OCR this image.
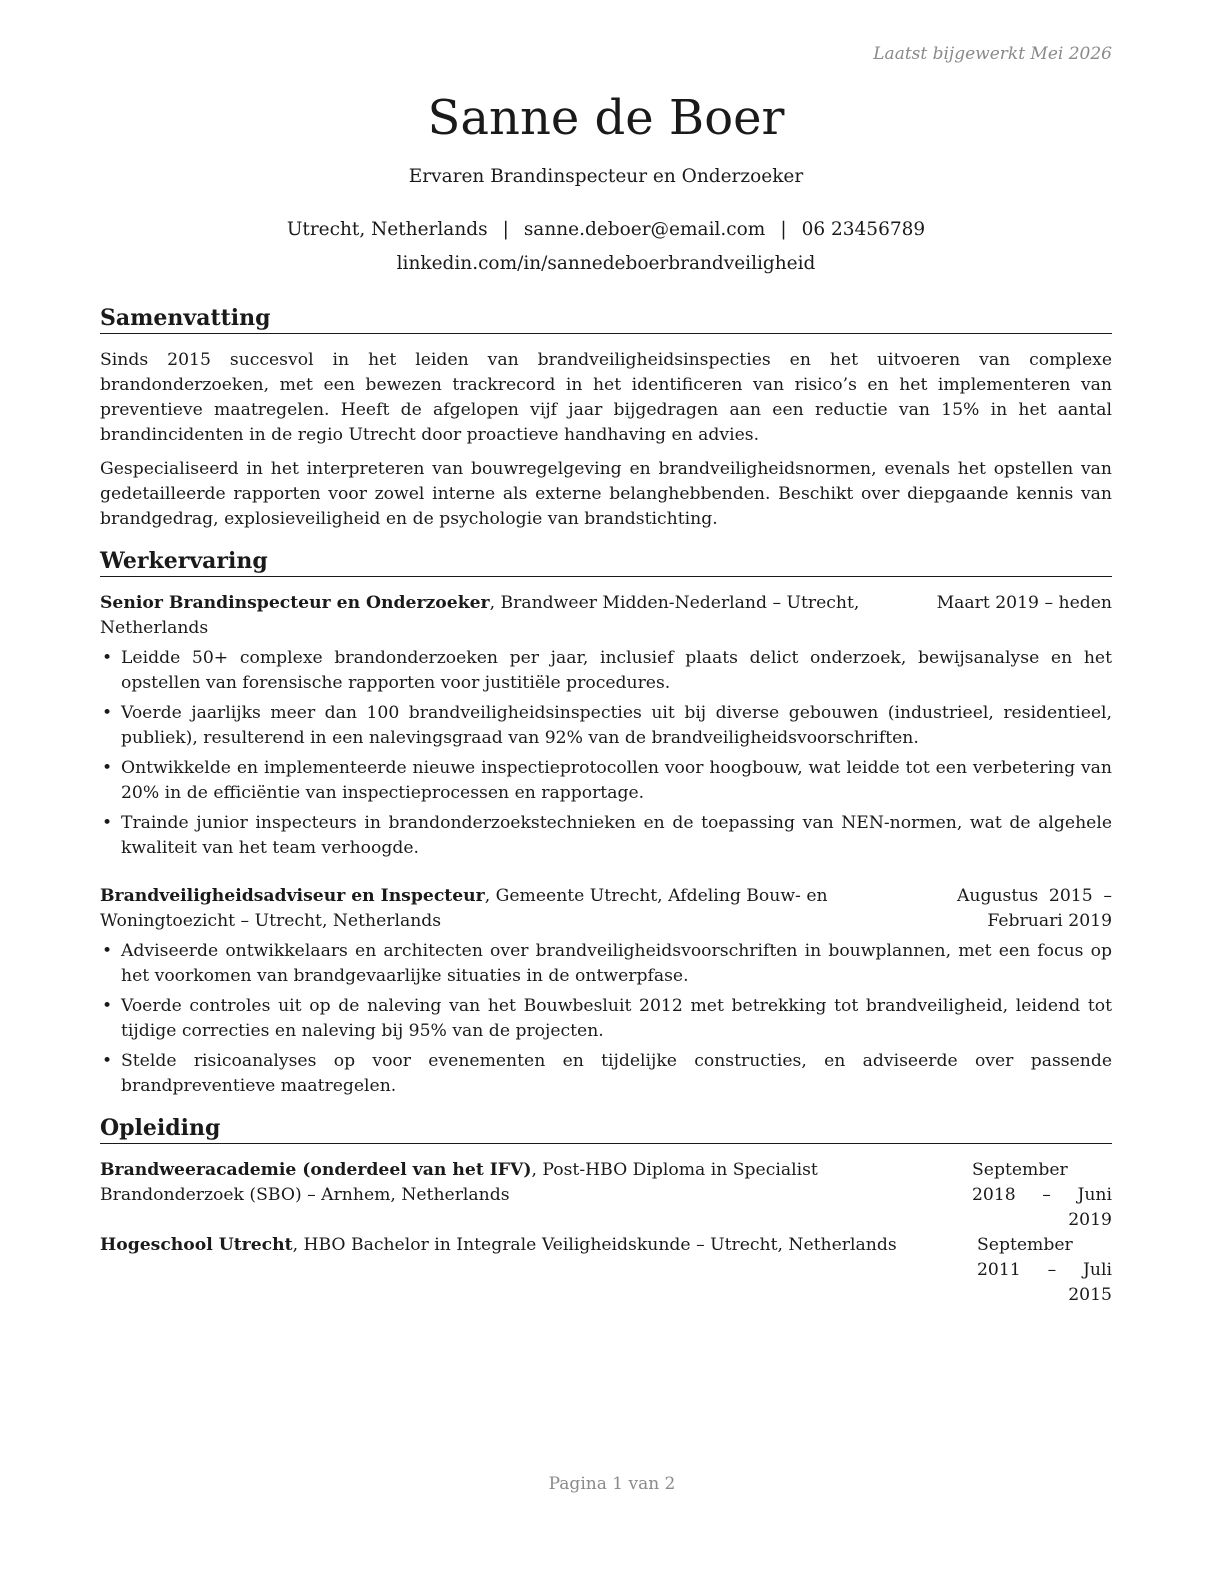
Laatst bijgewerkt Mei 2026
Sanne de Boer
Ervaren Brandinspecteur en Onderzoeker
Utrecht, Netherlands | sanne.deboer@email.com | 06 23456789
linkedin.com/in/sannedeboerbrandveiligheid
Samenvatting

Sinds 2015 succesvol in het leiden van brandveiligheidsinspecties en het uitvoeren van complexe brandonderzoeken, met een bewezen trackrecord in het identificeren van risico’s en het implementeren van preventieve maatregelen. Heeft de afgelopen vijf jaar bijgedragen aan een reductie van 15% in het aantal brandincidenten in de regio Utrecht door proactieve handhaving en advies.

Gespecialiseerd in het interpreteren van bouwregelgeving en brandveiligheidsnormen, evenals het opstellen van gedetailleerde rapporten voor zowel interne als externe belanghebbenden. Beschikt over diepgaande kennis van brandgedrag, explosieveiligheid en de psychologie van brandstichting.

Werkervaring
Senior Brandinspecteur en Onderzoeker, Brandweer Midden-Nederland – Utrecht, Netherlands
Maart 2019 – heden
• Leidde 50+ complexe brandonderzoeken per jaar, inclusief plaats delict onderzoek, bewijsanalyse en het opstellen van forensische rapporten voor justitiële procedures.
• Voerde jaarlijks meer dan 100 brandveiligheidsinspecties uit bij diverse gebouwen (industrieel, residentieel, publiek), resulterend in een nalevingsgraad van 92% van de brandveiligheidsvoorschriften.
• Ontwikkelde en implementeerde nieuwe inspectieprotocollen voor hoogbouw, wat leidde tot een verbetering van 20% in de efficiëntie van inspectieprocessen en rapportage.
• Trainde junior inspecteurs in brandonderzoekstechnieken en de toepassing van NEN-normen, wat de algehele kwaliteit van het team verhoogde.
Brandveiligheidsadviseur en Inspecteur, Gemeente Utrecht, Afdeling Bouw- en Woningtoezicht – Utrecht, Netherlands
Augustus 2015 – Februari 2019
• Adviseerde ontwikkelaars en architecten over brandveiligheidsvoorschriften in bouwplannen, met een focus op het voorkomen van brandgevaarlijke situaties in de ontwerpfase.
• Voerde controles uit op de naleving van het Bouwbesluit 2012 met betrekking tot brandveiligheid, leidend tot tijdige correcties en naleving bij 95% van de projecten.
• Stelde risicoanalyses op voor evenementen en tijdelijke constructies, en adviseerde over passende brandpreventieve maatregelen.
Opleiding
Brandweeracademie (onderdeel van het IFV), Post-HBO Diploma in Specialist Brandonderzoek (SBO) – Arnhem, Netherlands
September 2018 – Juni 2019
Hogeschool Utrecht, HBO Bachelor in Integrale Veiligheidskunde – Utrecht, Netherlands	September 2011 – Juli 2015
Pagina 1 van 2
